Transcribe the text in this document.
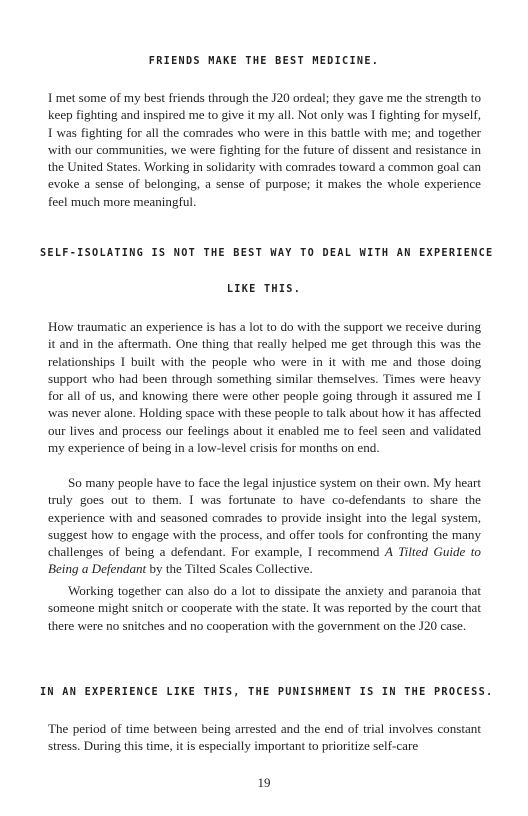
FRIENDS MAKE THE BEST MEDICINE.

I met some of my best friends through the J20 ordeal; they gave me the strength to keep fighting and inspired me to give it my all. Not only was I fighting for myself, I was fighting for all the comrades who were in this battle with me; and together with our communities, we were fighting for the future of dissent and resistance in the United States. Working in solidarity with comrades toward a common goal can evoke a sense of belonging, a sense of purpose; it makes the whole experience feel much more meaningful.

SELF-ISOLATING IS NOT THE BEST WAY TO DEAL WITH AN EXPERIENCE
LIKE THIS.

How traumatic an experience is has a lot to do with the support we receive during it and in the aftermath. One thing that really helped me get through this was the relationships I built with the people who were in it with me and those doing support who had been through something similar themselves. Times were heavy for all of us, and knowing there were other people going through it assured me I was never alone. Holding space with these people to talk about how it has affected our lives and process our feelings about it enabled me to feel seen and validated my experience of being in a low-level crisis for months on end.

So many people have to face the legal injustice system on their own. My heart truly goes out to them. I was fortunate to have co-defendants to share the experience with and seasoned comrades to provide insight into the legal system, suggest how to engage with the process, and offer tools for confronting the many challenges of being a defendant. For example, I recommend A Tilted Guide to Being a Defendant by the Tilted Scales Collective.

Working together can also do a lot to dissipate the anxiety and paranoia that someone might snitch or cooperate with the state. It was reported by the court that there were no snitches and no cooperation with the government on the J20 case.

IN AN EXPERIENCE LIKE THIS, THE PUNISHMENT IS IN THE PROCESS.

The period of time between being arrested and the end of trial involves constant stress. During this time, it is especially important to prioritize self-care

19
